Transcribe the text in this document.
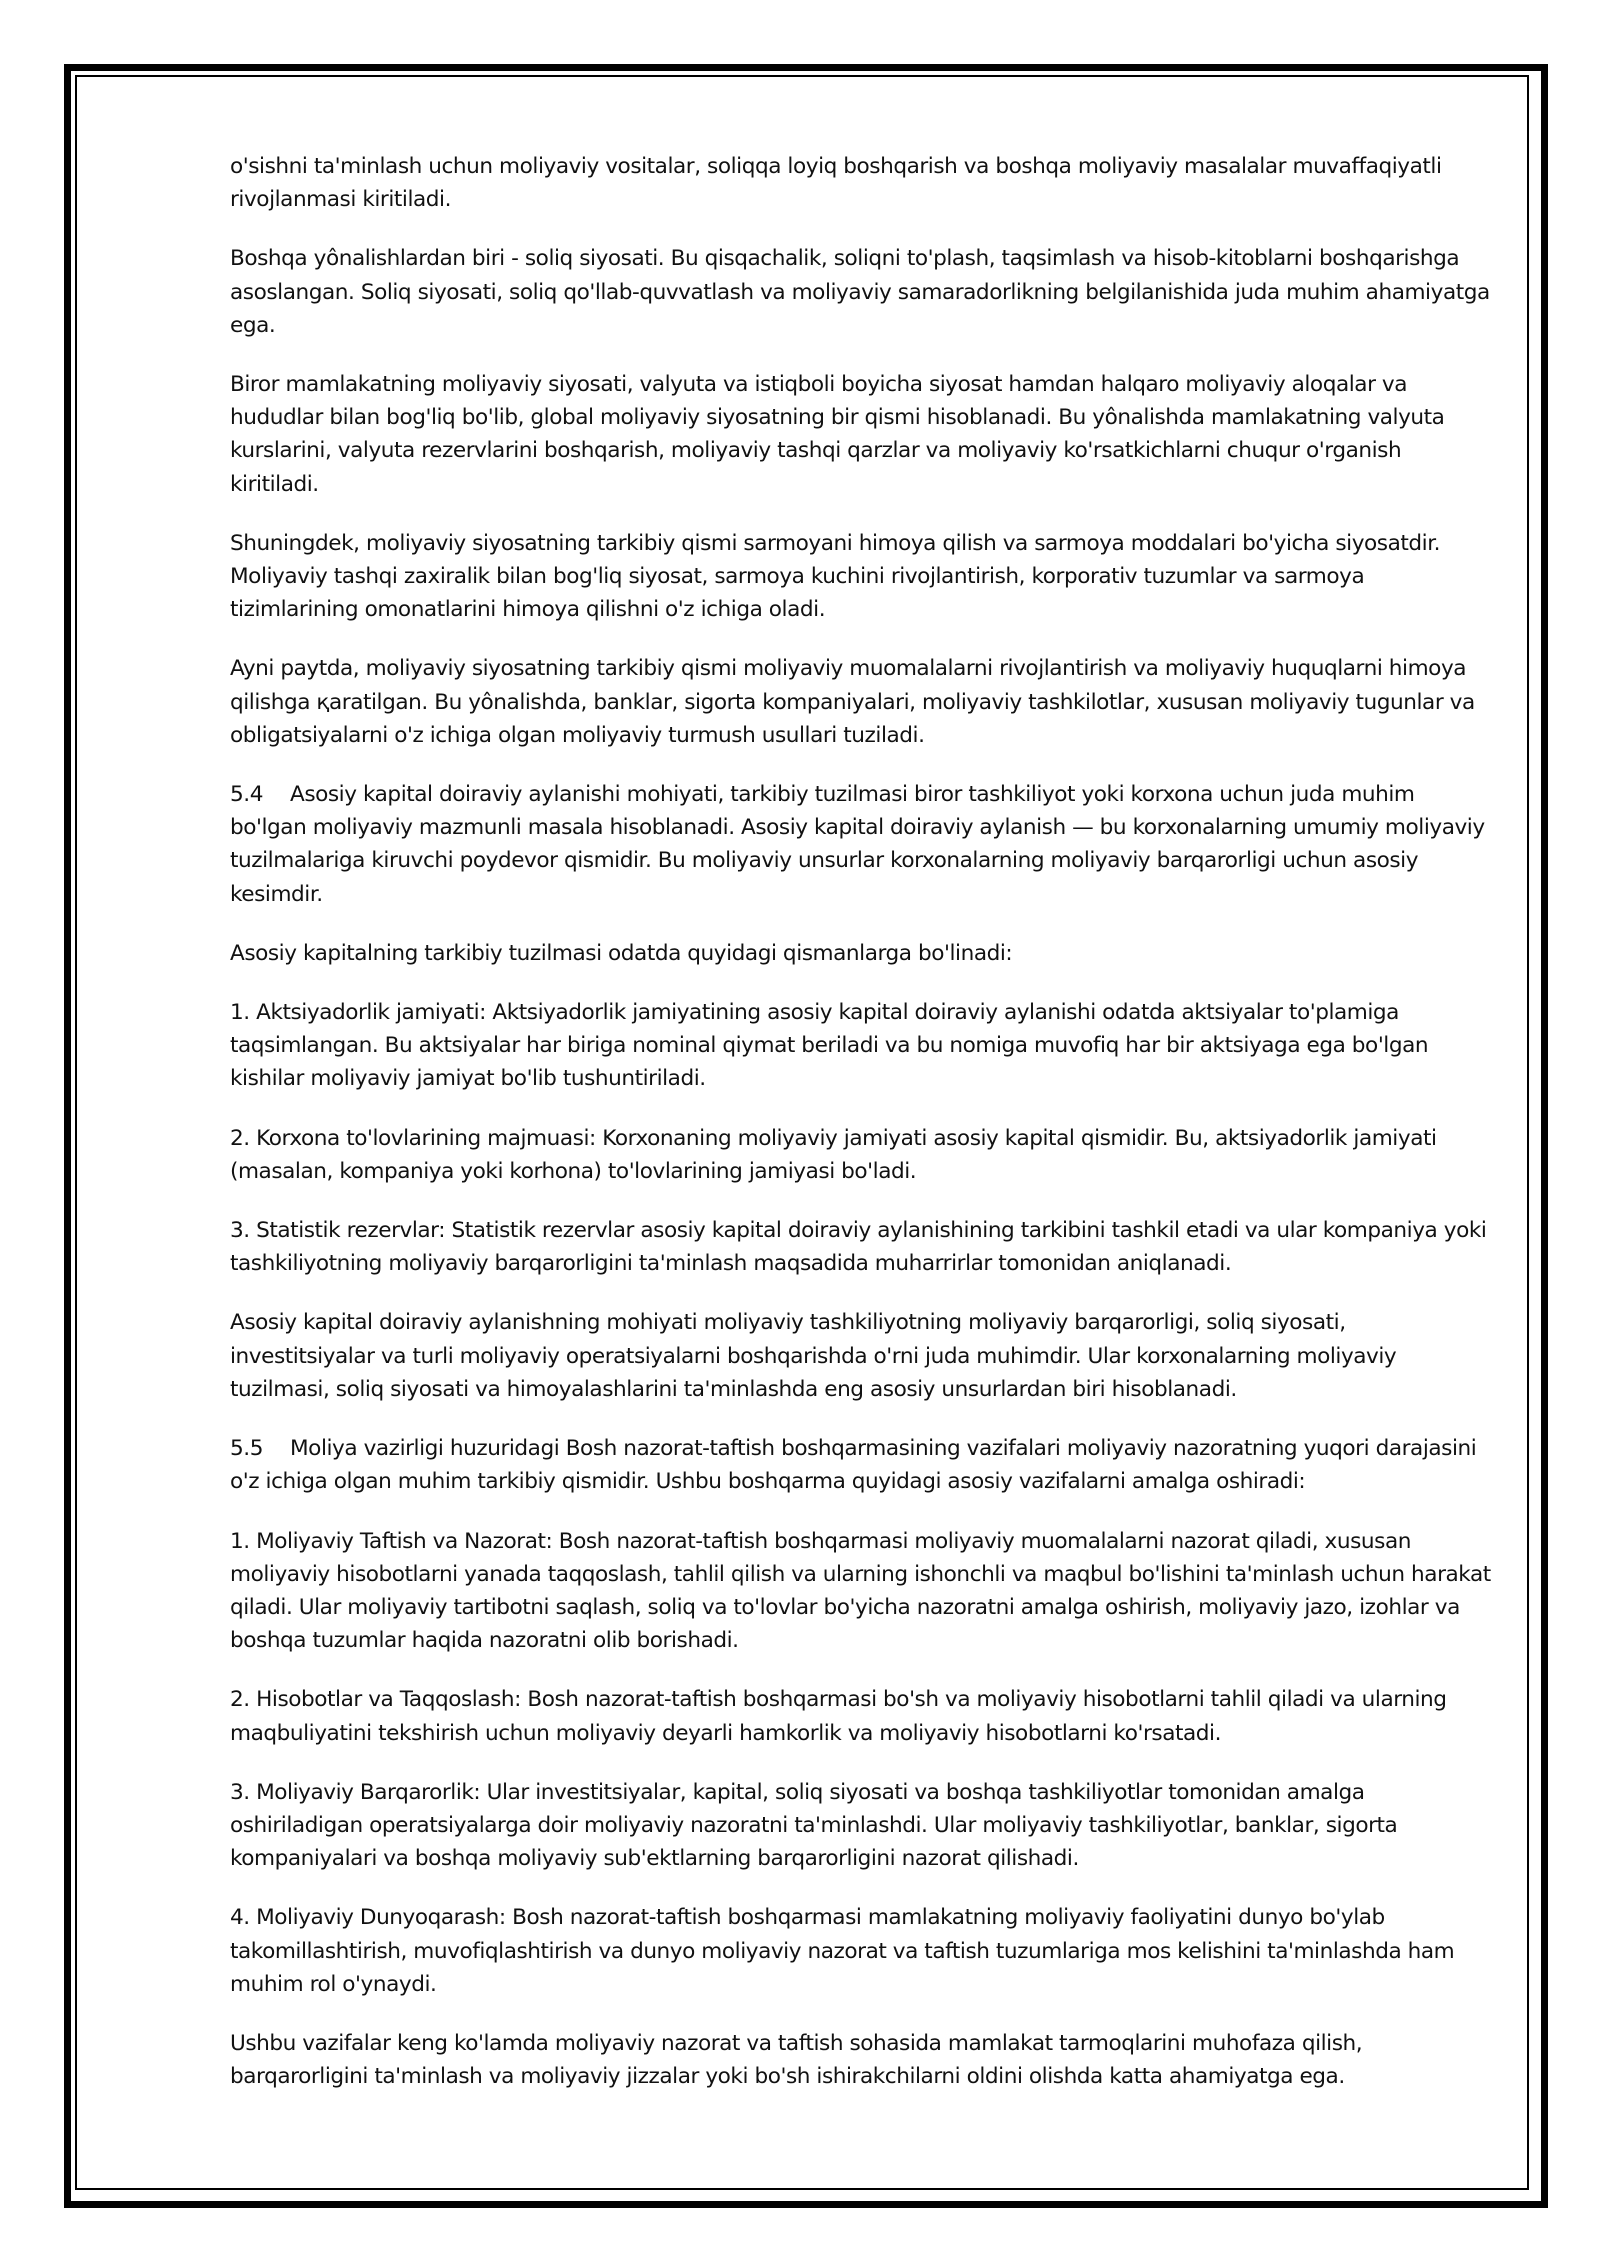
o'sishni ta'minlash uchun moliyaviy vositalar, soliqqa loyiq boshqarish va boshqa moliyaviy masalalar muvaffaqiyatli rivojlanmasi kiritiladi.

Boshqa yônalishlardan biri - soliq siyosati. Bu qisqachalik, soliqni to'plash, taqsimlash va hisob-kitoblarni boshqarishga asoslangan. Soliq siyosati, soliq qo'llab-quvvatlash va moliyaviy samaradorlikning belgilanishida juda muhim ahamiyatga ega.

Biror mamlakatning moliyaviy siyosati, valyuta va istiqboli boyicha siyosat hamdan halqaro moliyaviy aloqalar va hududlar bilan bog'liq bo'lib, global moliyaviy siyosatning bir qismi hisoblanadi. Bu yônalishda mamlakatning valyuta kurslarini, valyuta rezervlarini boshqarish, moliyaviy tashqi qarzlar va moliyaviy ko'rsatkichlarni chuqur o'rganish kiritiladi.

Shuningdek, moliyaviy siyosatning tarkibiy qismi sarmoyani himoya qilish va sarmoya moddalari bo'yicha siyosatdir. Moliyaviy tashqi zaxiralik bilan bog'liq siyosat, sarmoya kuchini rivojlantirish, korporativ tuzumlar va sarmoya tizimlarining omonatlarini himoya qilishni o'z ichiga oladi.

Ayni paytda, moliyaviy siyosatning tarkibiy qismi moliyaviy muomalalarni rivojlantirish va moliyaviy huquqlarni himoya qilishga қaratilgan. Bu yônalishda, banklar, sigorta kompaniyalari, moliyaviy tashkilotlar, xususan moliyaviy tugunlar va obligatsiyalarni o'z ichiga olgan moliyaviy turmush usullari tuziladi.

5.4 Asosiy kapital doiraviy aylanishi mohiyati, tarkibiy tuzilmasi biror tashkiliyot yoki korxona uchun juda muhim bo'lgan moliyaviy mazmunli masala hisoblanadi. Asosiy kapital doiraviy aylanish — bu korxonalarning umumiy moliyaviy tuzilmalariga kiruvchi poydevor qismidir. Bu moliyaviy unsurlar korxonalarning moliyaviy barqarorligi uchun asosiy kesimdir.

Asosiy kapitalning tarkibiy tuzilmasi odatda quyidagi qismanlarga bo'linadi:

1. Aktsiyadorlik jamiyati: Aktsiyadorlik jamiyatining asosiy kapital doiraviy aylanishi odatda aktsiyalar to'plamiga taqsimlangan. Bu aktsiyalar har biriga nominal qiymat beriladi va bu nomiga muvofiq har bir aktsiyaga ega bo'lgan kishilar moliyaviy jamiyat bo'lib tushuntiriladi.

2. Korxona to'lovlarining majmuasi: Korxonaning moliyaviy jamiyati asosiy kapital qismidir. Bu, aktsiyadorlik jamiyati (masalan, kompaniya yoki korhona) to'lovlarining jamiyasi bo'ladi.

3. Statistik rezervlar: Statistik rezervlar asosiy kapital doiraviy aylanishining tarkibini tashkil etadi va ular kompaniya yoki tashkiliyotning moliyaviy barqarorligini ta'minlash maqsadida muharrirlar tomonidan aniqlanadi.

Asosiy kapital doiraviy aylanishning mohiyati moliyaviy tashkiliyotning moliyaviy barqarorligi, soliq siyosati, investitsiyalar va turli moliyaviy operatsiyalarni boshqarishda o'rni juda muhimdir. Ular korxonalarning moliyaviy tuzilmasi, soliq siyosati va himoyalashlarini ta'minlashda eng asosiy unsurlardan biri hisoblanadi.

5.5 Moliya vazirligi huzuridagi Bosh nazorat-taftish boshqarmasining vazifalari moliyaviy nazoratning yuqori darajasini o'z ichiga olgan muhim tarkibiy qismidir. Ushbu boshqarma quyidagi asosiy vazifalarni amalga oshiradi:

1. Moliyaviy Taftish va Nazorat: Bosh nazorat-taftish boshqarmasi moliyaviy muomalalarni nazorat qiladi, xususan moliyaviy hisobotlarni yanada taqqoslash, tahlil qilish va ularning ishonchli va maqbul bo'lishini ta'minlash uchun harakat qiladi. Ular moliyaviy tartibotni saqlash, soliq va to'lovlar bo'yicha nazoratni amalga oshirish, moliyaviy jazo, izohlar va boshqa tuzumlar haqida nazoratni olib borishadi.

2. Hisobotlar va Taqqoslash: Bosh nazorat-taftish boshqarmasi bo'sh va moliyaviy hisobotlarni tahlil qiladi va ularning maqbuliyatini tekshirish uchun moliyaviy deyarli hamkorlik va moliyaviy hisobotlarni ko'rsatadi.

3. Moliyaviy Barqarorlik: Ular investitsiyalar, kapital, soliq siyosati va boshqa tashkiliyotlar tomonidan amalga oshiriladigan operatsiyalarga doir moliyaviy nazoratni ta'minlashdi. Ular moliyaviy tashkiliyotlar, banklar, sigorta kompaniyalari va boshqa moliyaviy sub'ektlarning barqarorligini nazorat qilishadi.

4. Moliyaviy Dunyoqarash: Bosh nazorat-taftish boshqarmasi mamlakatning moliyaviy faoliyatini dunyo bo'ylab takomillashtirish, muvofiqlashtirish va dunyo moliyaviy nazorat va taftish tuzumlariga mos kelishini ta'minlashda ham muhim rol o'ynaydi.

Ushbu vazifalar keng ko'lamda moliyaviy nazorat va taftish sohasida mamlakat tarmoqlarini muhofaza qilish, barqarorligini ta'minlash va moliyaviy jizzalar yoki bo'sh ishirakchilarni oldini olishda katta ahamiyatga ega.
